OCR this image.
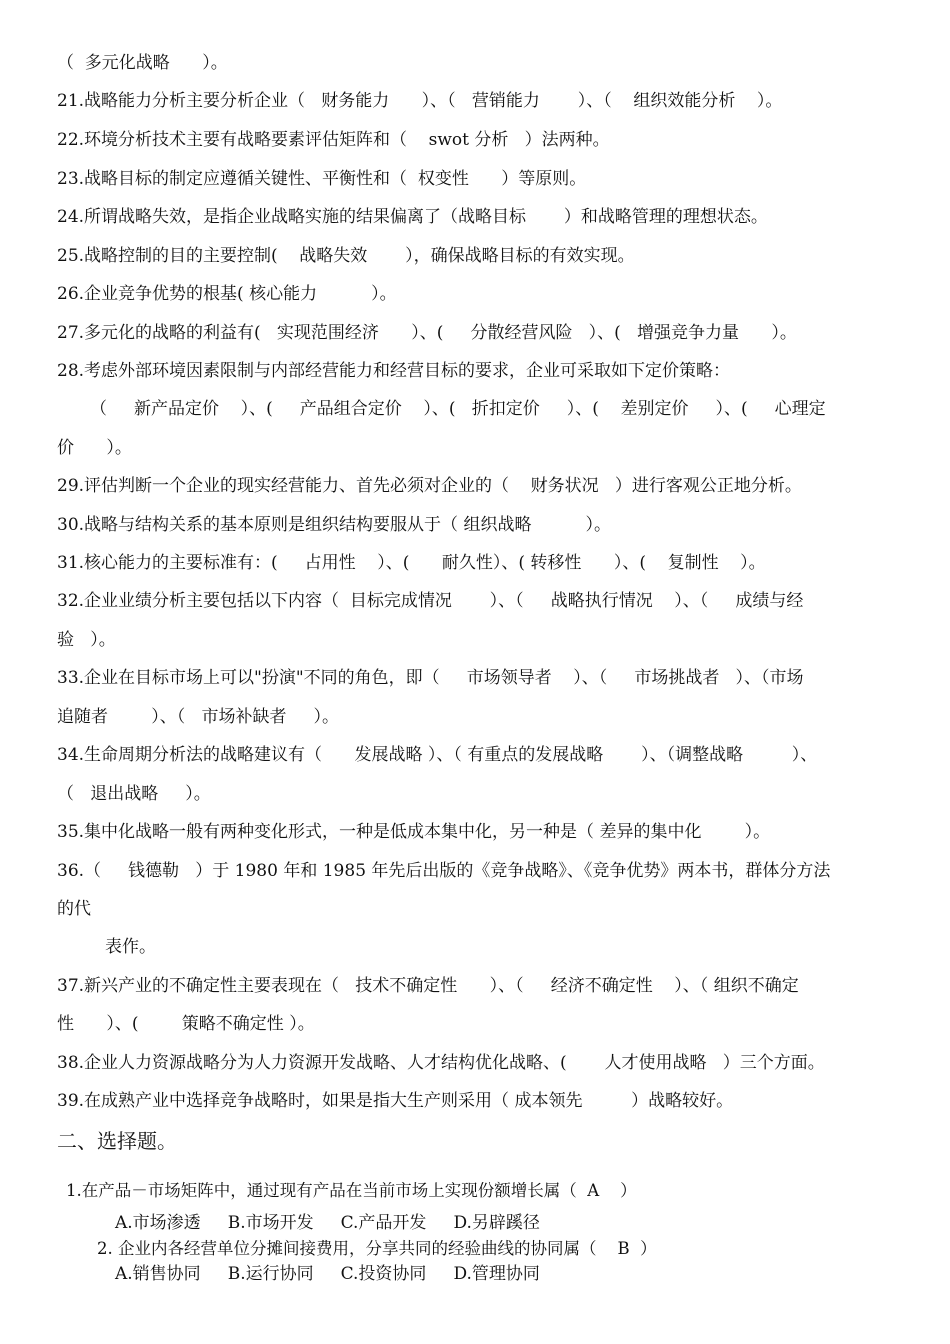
（  多元化战略      ）。
21.战略能力分析主要分析企业（   财务能力      ）、（   营销能力       ）、（    组织效能分析    ）。
22.环境分析技术主要有战略要素评估矩阵和（    swot 分析   ）法两种。
23.战略目标的制定应遵循关键性、平衡性和（  权变性      ）等原则。
24.所谓战略失效，是指企业战略实施的结果偏离了（战略目标       ）和战略管理的理想状态。
25.战略控制的目的主要控制(    战略失效       ），确保战略目标的有效实现。
26.企业竞争优势的根基( 核心能力          ）。
27.多元化的战略的利益有(   实现范围经济      ）、(     分散经营风险   ）、(   增强竞争力量      ）。
28.考虑外部环境因素限制与内部经营能力和经营目标的要求，企业可采取如下定价策略：
（     新产品定价    ）、(     产品组合定价    ）、(   折扣定价     ）、(    差别定价     ）、(     心理定
价      ）。
29.评估判断一个企业的现实经营能力、首先必须对企业的（    财务状况   ）进行客观公正地分析。
30.战略与结构关系的基本原则是组织结构要服从于（ 组织战略          ）。
31.核心能力的主要标准有：(     占用性    ）、(      耐久性）、( 转移性      ）、(    复制性    ）。
32.企业业绩分析主要包括以下内容（  目标完成情况       ）、（     战略执行情况    ）、（     成绩与经
验   ）。
33.企业在目标市场上可以"扮演"不同的角色，即（     市场领导者    ）、（     市场挑战者   ）、（市场
追随者        ）、（   市场补缺者     ）。
34.生命周期分析法的战略建议有（      发展战略 ）、（ 有重点的发展战略       ）、（调整战略         ）、
（   退出战略     ）。
35.集中化战略一般有两种变化形式，一种是低成本集中化，另一种是（ 差异的集中化        ）。
36.（     钱德勒   ）于 1980 年和 1985 年先后出版的《竞争战略》、《竞争优势》两本书，群体分方法
的代
表作。
37.新兴产业的不确定性主要表现在（   技术不确定性      ）、（     经济不确定性    ）、（ 组织不确定
性      ）、(        策略不确定性 ）。
38.企业人力资源战略分为人力资源开发战略、人才结构优化战略、(       人才使用战略   ）三个方面。
39.在成熟产业中选择竞争战略时，如果是指大生产则采用（ 成本领先         ）战略较好。
二、选择题。
1.在产品－市场矩阵中，通过现有产品在当前市场上实现份额增长属（  A    ）
A.市场渗透     B.市场开发     C.产品开发     D.另辟蹊径
2. 企业内各经营单位分摊间接费用，分享共同的经验曲线的协同属（    B  ）
A.销售协同     B.运行协同     C.投资协同     D.管理协同
